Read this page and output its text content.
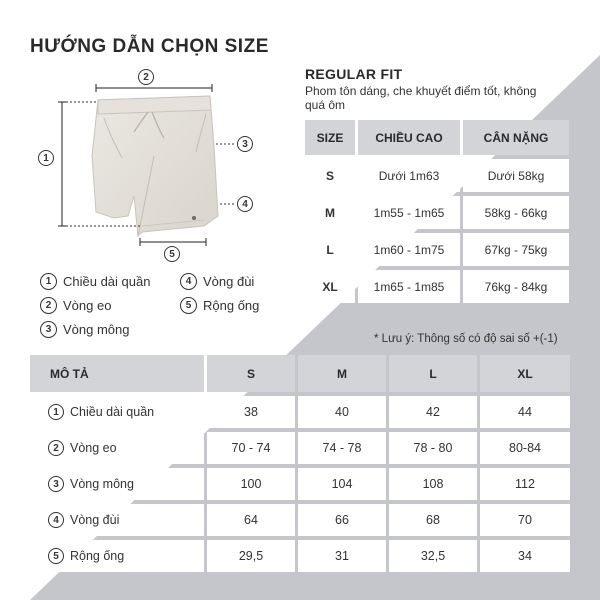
HƯỚNG DẪN CHỌN SIZE
REGULAR FIT
Phom tôn dáng, che khuyết điểm tốt, không quá ôm
2
1
3
4
5
1 Chiều dài quần	4 Vòng đùi
2 Vòng eo	5 Rộng ống
3 Vòng mông
SIZE	CHIỀU CAO	CÂN NẶNG
S	Dưới 1m63	Dưới 58kg
M	1m55 - 1m65	58kg - 66kg
L	1m60 - 1m75	67kg - 75kg
XL	1m65 - 1m85	76kg - 84kg
* Lưu ý: Thông số có độ sai số +(-1)
MÔ TẢ	S	M	L	XL
1 Chiều dài quần	38	40	42	44
2 Vòng eo	70 - 74	74 - 78	78 - 80	80-84
3 Vòng mông	100	104	108	112
4 Vòng đùi	64	66	68	70
5 Rộng ống	29,5	31	32,5	34
